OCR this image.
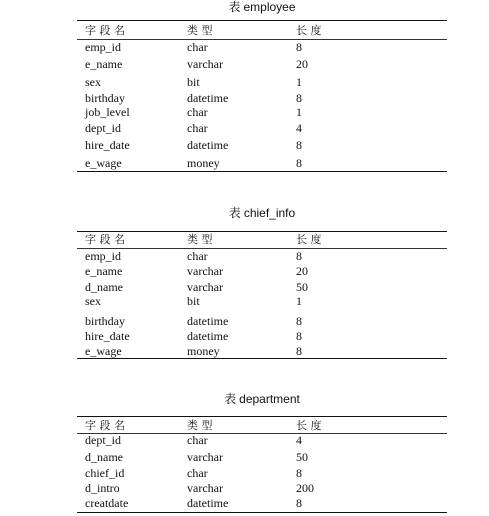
表 employee
字 段 名	类 型	长 度
emp_id	char	8
e_name	varchar	20
sex	bit	1
birthday	datetime	8
job_level	char	1
dept_id	char	4
hire_date	datetime	8
e_wage	money	8
表 chief_info
字 段 名	类 型	长 度
emp_id	char	8
e_name	varchar	20
d_name	varchar	50
sex	bit	1
birthday	datetime	8
hire_date	datetime	8
e_wage	money	8
表 department
字 段 名	类 型	长 度
dept_id	char	4
d_name	varchar	50
chief_id	char	8
d_intro	varchar	200
creatdate	datetime	8
